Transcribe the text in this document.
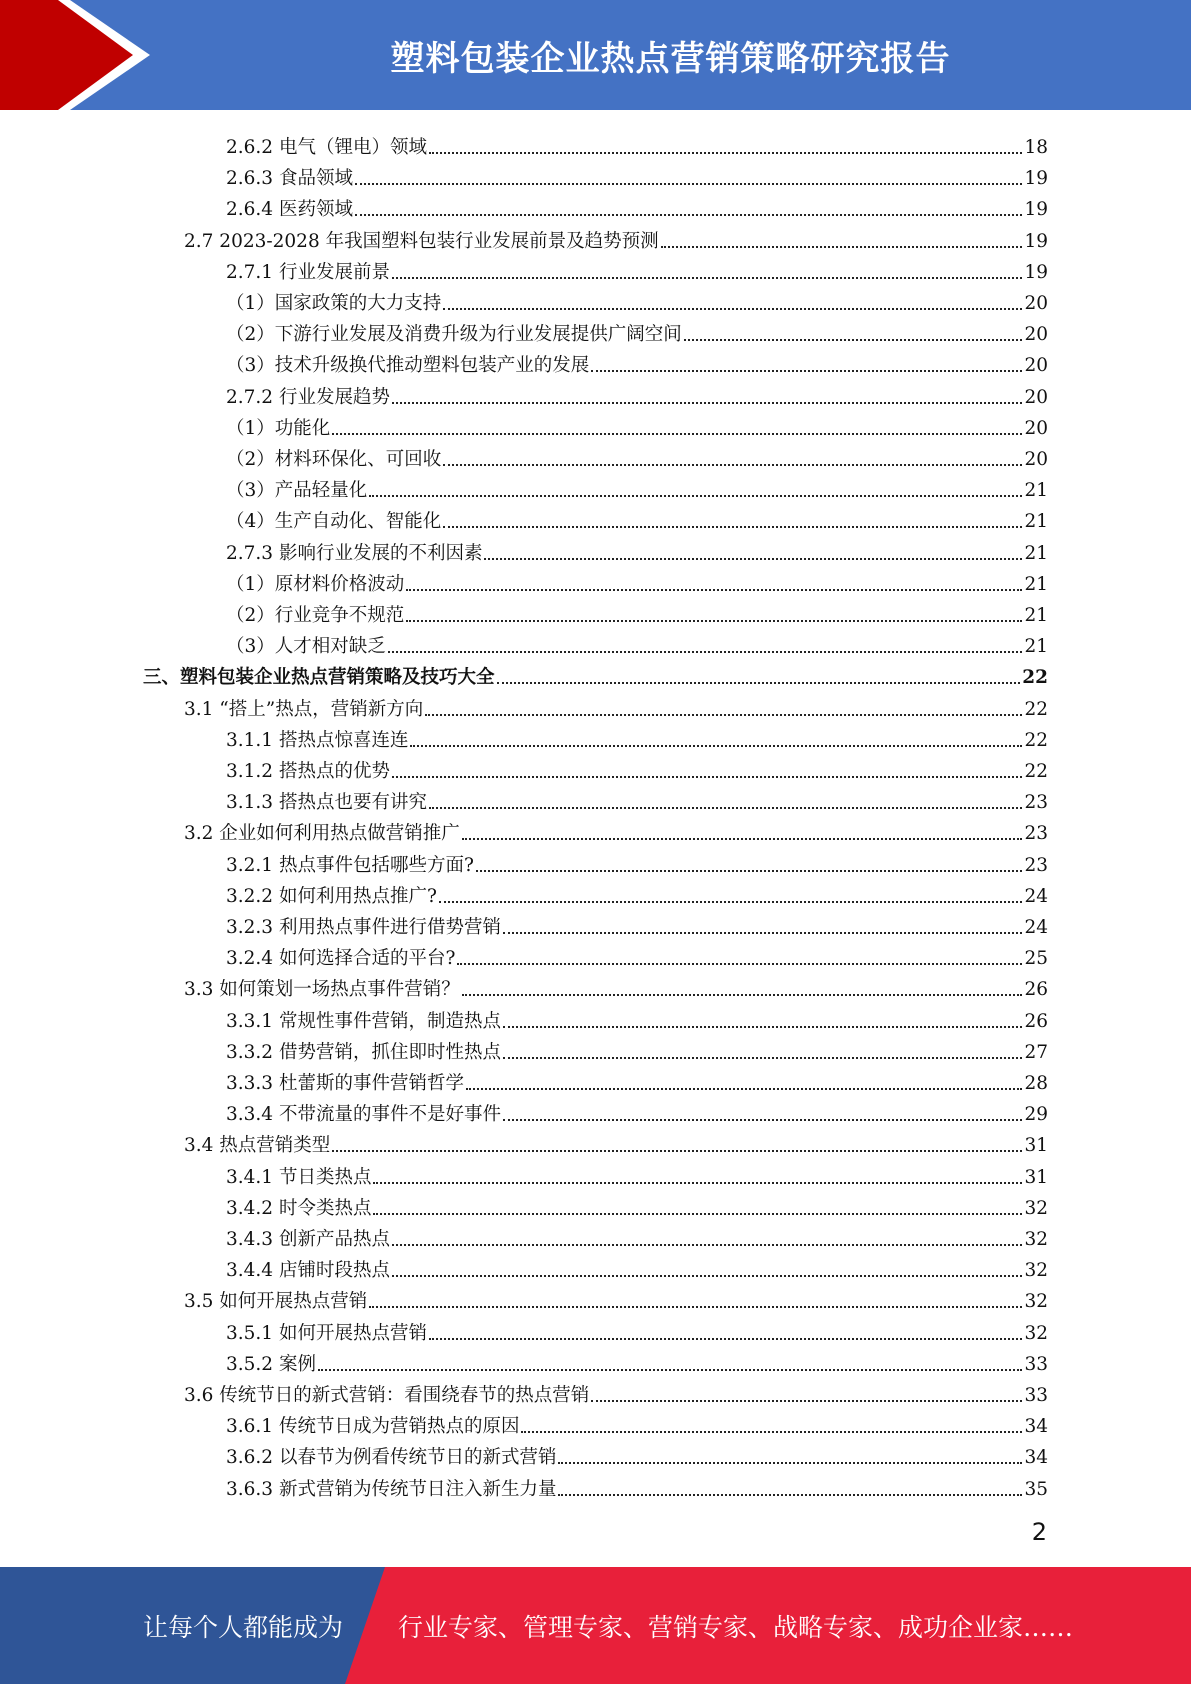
塑料包装企业热点营销策略研究报告
2.6.2 电气（锂电）领域	18
2.6.3 食品领域	19
2.6.4 医药领域	19
2.7 2023-2028 年我国塑料包装行业发展前景及趋势预测	19
2.7.1 行业发展前景	19
（1）国家政策的大力支持	20
（2）下游行业发展及消费升级为行业发展提供广阔空间	20
（3）技术升级换代推动塑料包装产业的发展	20
2.7.2 行业发展趋势	20
（1）功能化	20
（2）材料环保化、可回收	20
（3）产品轻量化	21
（4）生产自动化、智能化	21
2.7.3 影响行业发展的不利因素	21
（1）原材料价格波动	21
（2）行业竞争不规范	21
（3）人才相对缺乏	21
三、塑料包装企业热点营销策略及技巧大全	22
3.1 “搭上”热点，营销新方向	22
3.1.1 搭热点惊喜连连	22
3.1.2 搭热点的优势	22
3.1.3 搭热点也要有讲究	23
3.2 企业如何利用热点做营销推广	23
3.2.1 热点事件包括哪些方面?	23
3.2.2 如何利用热点推广?	24
3.2.3 利用热点事件进行借势营销	24
3.2.4 如何选择合适的平台?	25
3.3 如何策划一场热点事件营销？	26
3.3.1 常规性事件营销，制造热点	26
3.3.2 借势营销，抓住即时性热点	27
3.3.3 杜蕾斯的事件营销哲学	28
3.3.4 不带流量的事件不是好事件	29
3.4 热点营销类型	31
3.4.1 节日类热点	31
3.4.2 时令类热点	32
3.4.3 创新产品热点	32
3.4.4 店铺时段热点	32
3.5 如何开展热点营销	32
3.5.1 如何开展热点营销	32
3.5.2 案例	33
3.6 传统节日的新式营销：看围绕春节的热点营销	33
3.6.1 传统节日成为营销热点的原因	34
3.6.2 以春节为例看传统节日的新式营销	34
3.6.3 新式营销为传统节日注入新生力量	35
2
让每个人都能成为 行业专家、管理专家、营销专家、战略专家、成功企业家……
